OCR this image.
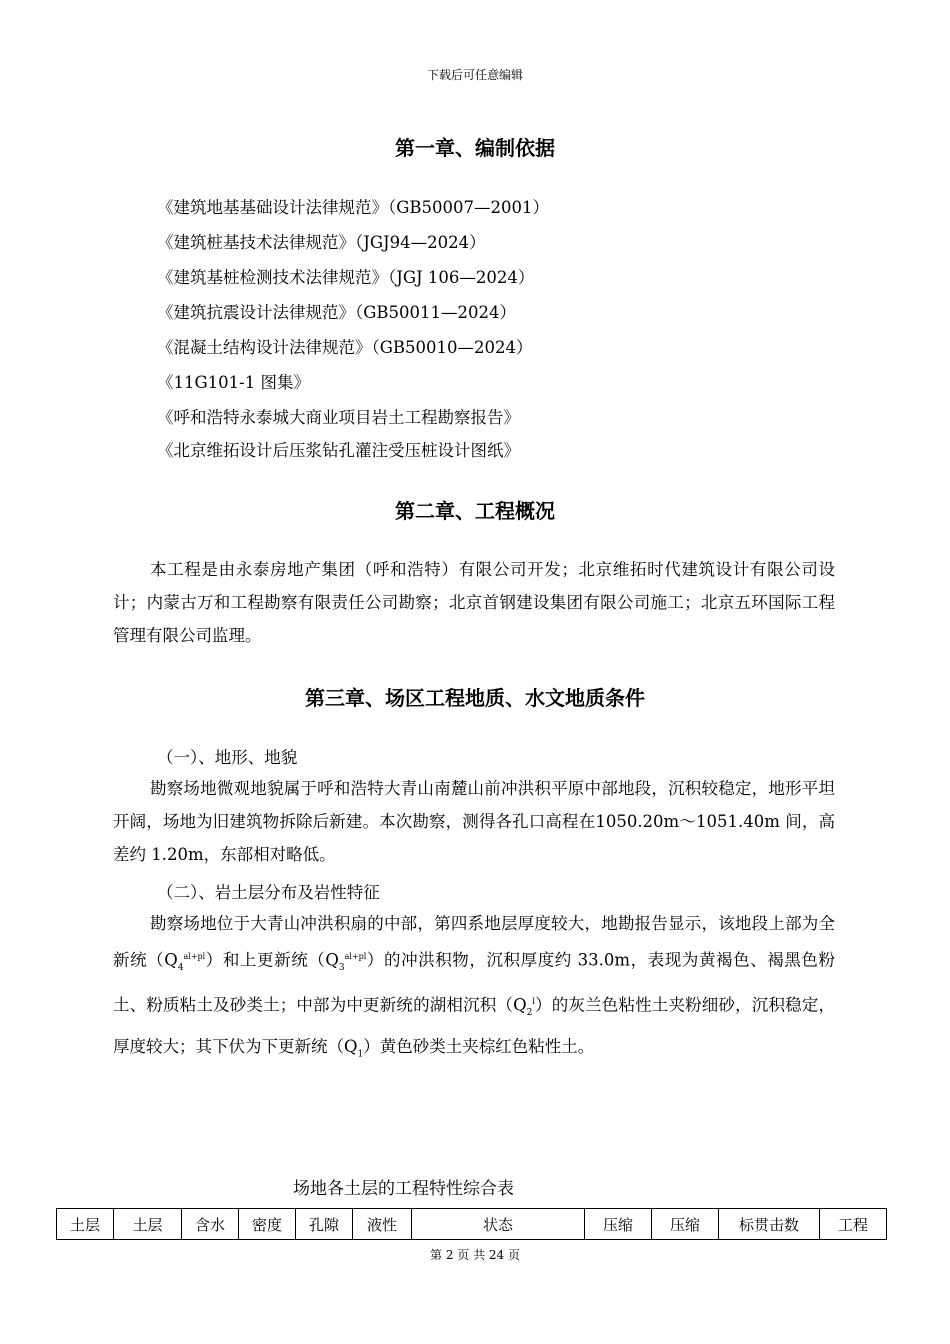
下载后可任意编辑
第一章、编制依据
《建筑地基基础设计法律规范》（GB50007—2001）
《建筑桩基技术法律规范》（JGJ94—2024）
《建筑基桩检测技术法律规范》（JGJ 106—2024）
《建筑抗震设计法律规范》（GB50011—2024）
《混凝土结构设计法律规范》（GB50010—2024）
《11G101-1 图集》
《呼和浩特永泰城大商业项目岩土工程勘察报告》
《北京维拓设计后压浆钻孔灌注受压桩设计图纸》
第二章、工程概况

本工程是由永泰房地产集团（呼和浩特）有限公司开发；北京维拓时代建筑设计有限公司设计；内蒙古万和工程勘察有限责任公司勘察；北京首钢建设集团有限公司施工；北京五环国际工程管理有限公司监理。

第三章、场区工程地质、水文地质条件
（一）、地形、地貌

勘察场地微观地貌属于呼和浩特大青山南麓山前冲洪积平原中部地段，沉积较稳定，地形平坦开阔，场地为旧建筑物拆除后新建。本次勘察，测得各孔口高程在1050.20m～1051.40m 间，高差约 1.20m，东部相对略低。

（二）、岩土层分布及岩性特征

勘察场地位于大青山冲洪积扇的中部，第四系地层厚度较大，地勘报告显示，该地段上部为全新统$(Q_4^{al+pl})$和上更新统$(Q_3^{al+pl})$的冲洪积物，沉积厚度约 33.0m，表现为黄褐色、褐黑色粉土、粉质粘土及砂类土；中部为中更新统的湖相沉积$(Q_2^l)$的灰兰色粘性土夹粉细砂，沉积稳定，厚度较大；其下伏为下更新统$(Q_1)$黄色砂类土夹棕红色粘性土。

场地各土层的工程特性综合表
土层	土层	含水	密度	孔隙	液性	状态	压缩	压缩	标贯击数	工程
第 2 页 共 24 页
